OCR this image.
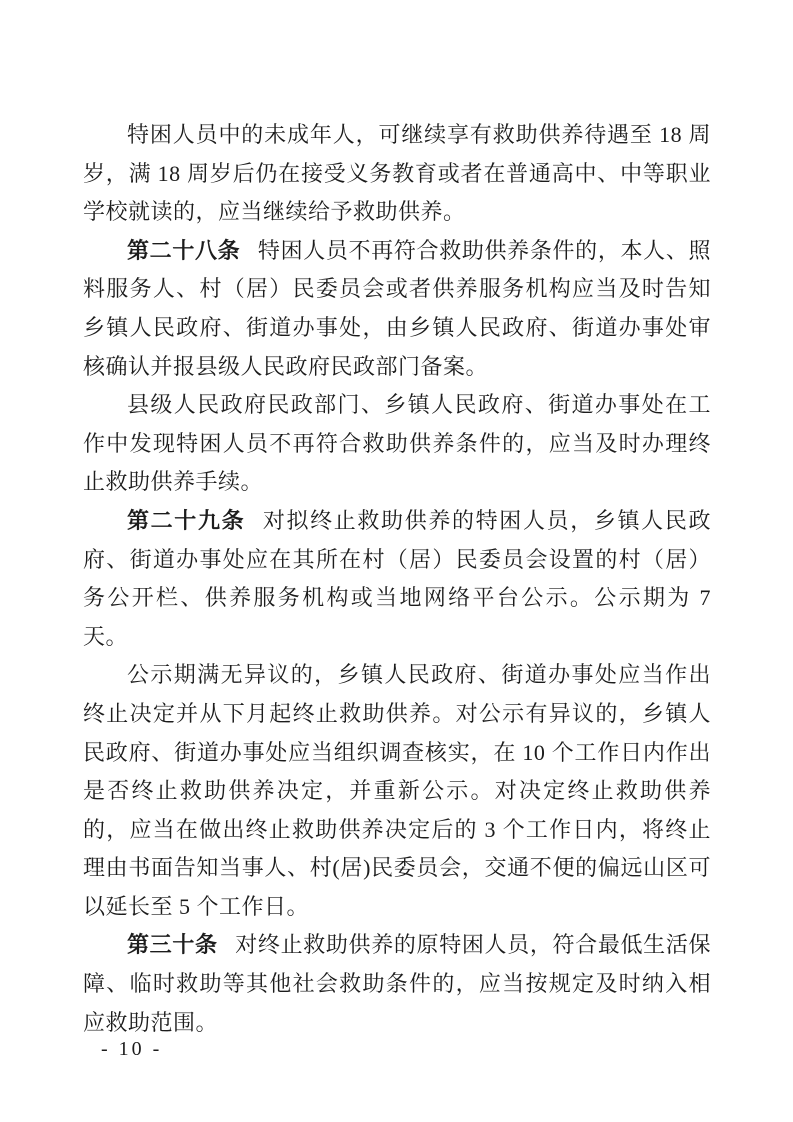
特困人员中的未成年人，可继续享有救助供养待遇至 18 周岁，满 18 周岁后仍在接受义务教育或者在普通高中、中等职业学校就读的，应当继续给予救助供养。

第二十八条 特困人员不再符合救助供养条件的，本人、照料服务人、村（居）民委员会或者供养服务机构应当及时告知乡镇人民政府、街道办事处，由乡镇人民政府、街道办事处审核确认并报县级人民政府民政部门备案。

县级人民政府民政部门、乡镇人民政府、街道办事处在工作中发现特困人员不再符合救助供养条件的，应当及时办理终止救助供养手续。

第二十九条 对拟终止救助供养的特困人员，乡镇人民政府、街道办事处应在其所在村（居）民委员会设置的村（居）务公开栏、供养服务机构或当地网络平台公示。公示期为 7 天。

公示期满无异议的，乡镇人民政府、街道办事处应当作出终止决定并从下月起终止救助供养。对公示有异议的，乡镇人民政府、街道办事处应当组织调查核实，在 10 个工作日内作出是否终止救助供养决定，并重新公示。对决定终止救助供养的，应当在做出终止救助供养决定后的 3 个工作日内，将终止理由书面告知当事人、村(居)民委员会，交通不便的偏远山区可以延长至 5 个工作日。

第三十条 对终止救助供养的原特困人员，符合最低生活保障、临时救助等其他社会救助条件的，应当按规定及时纳入相应救助范围。

- 10 -
